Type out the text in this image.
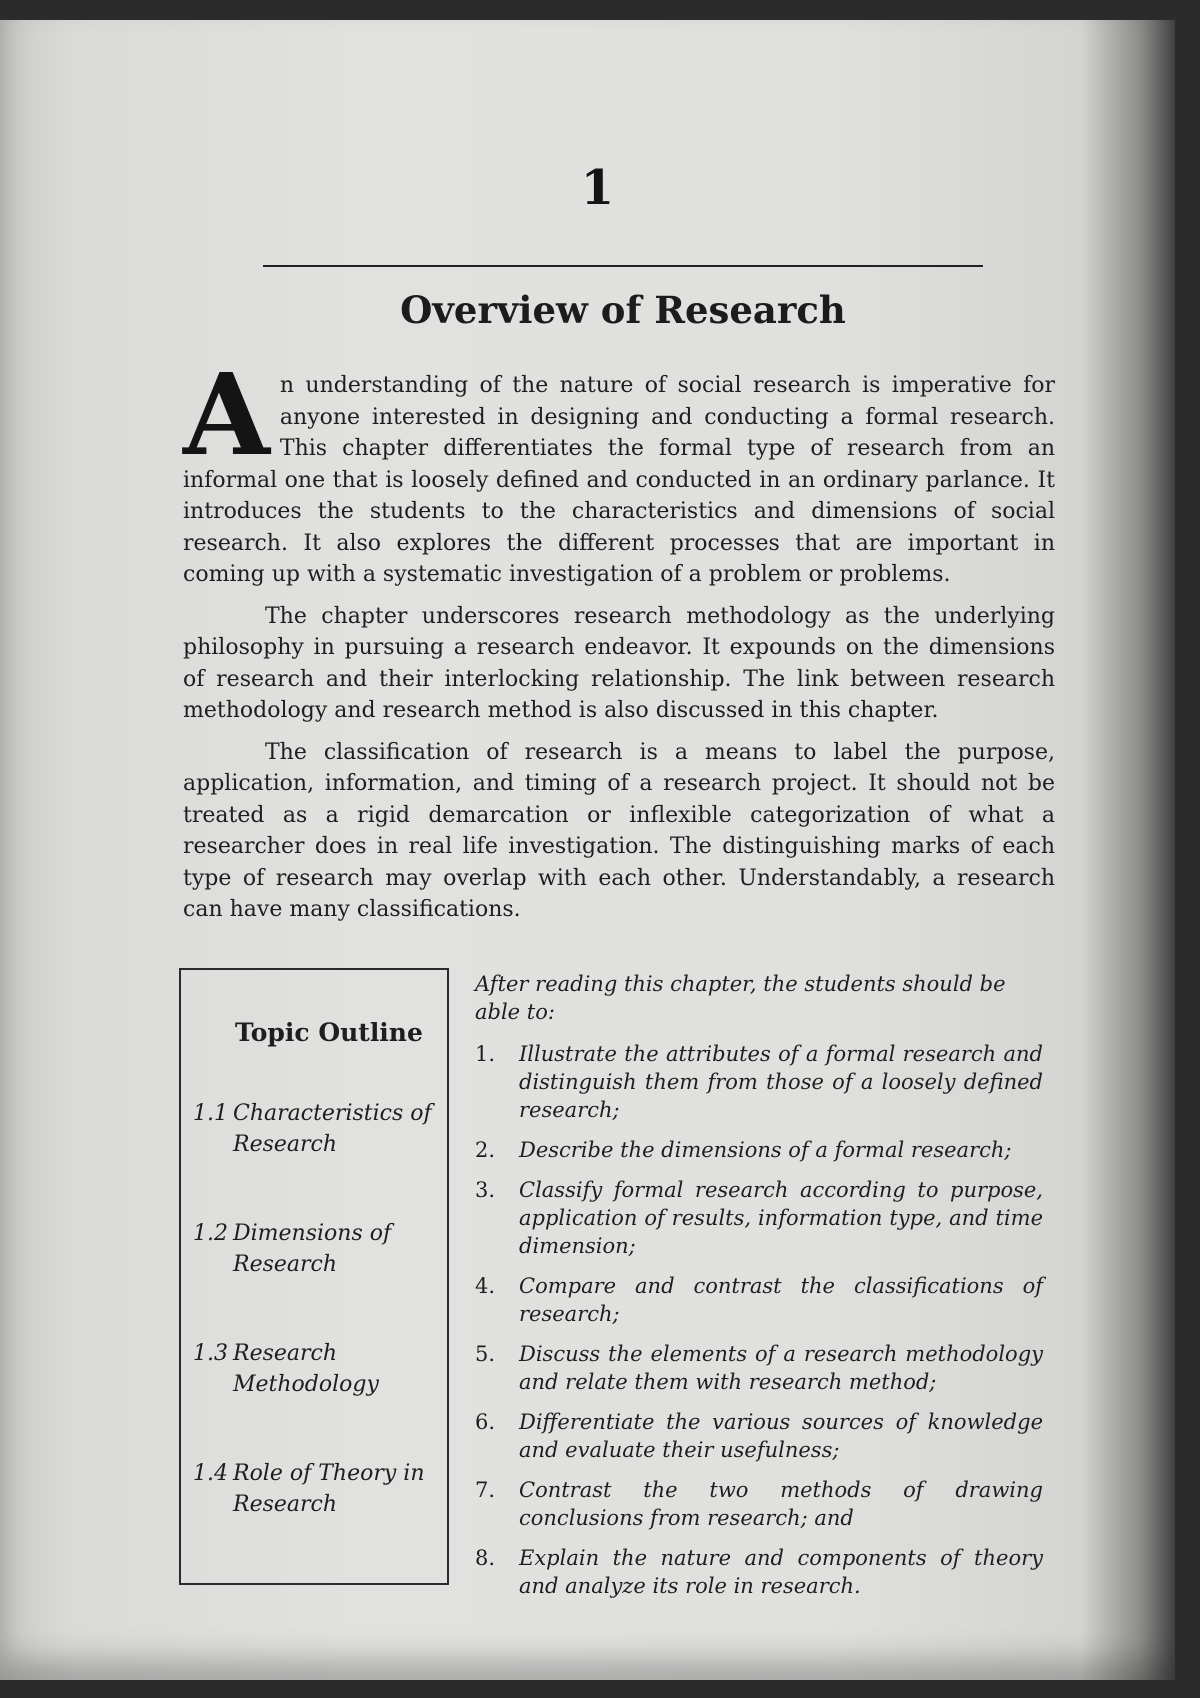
1
Overview of Research

An understanding of the nature of social research is imperative for anyone interested in designing and conducting a formal research. This chapter differentiates the formal type of research from an informal one that is loosely defined and conducted in an ordinary parlance. It introduces the students to the characteristics and dimensions of social research. It also explores the different processes that are important in coming up with a systematic investigation of a problem or problems.

The chapter underscores research methodology as the underlying philosophy in pursuing a research endeavor. It expounds on the dimensions of research and their interlocking relationship. The link between research methodology and research method is also discussed in this chapter.

The classification of research is a means to label the purpose, application, information, and timing of a research project. It should not be treated as a rigid demarcation or inflexible categorization of what a researcher does in real life investigation. The distinguishing marks of each type of research may overlap with each other. Understandably, a research can have many classifications.

Topic Outline
1.1 Characteristics of
Research
1.2 Dimensions of
Research
1.3 Research
Methodology
1.4 Role of Theory in
Research

After reading this chapter, the students should be able to:

1.	Illustrate the attributes of a formal research and distinguish them from those of a loosely defined research;
2.	Describe the dimensions of a formal research;
3.	Classify formal research according to purpose, application of results, information type, and time dimension;
4.	Compare and contrast the classifications of research;
5.	Discuss the elements of a research methodology and relate them with research method;
6.	Differentiate the various sources of knowledge and evaluate their usefulness;
7.	Contrast the two methods of drawing conclusions from research; and
8.	Explain the nature and components of theory and analyze its role in research.
